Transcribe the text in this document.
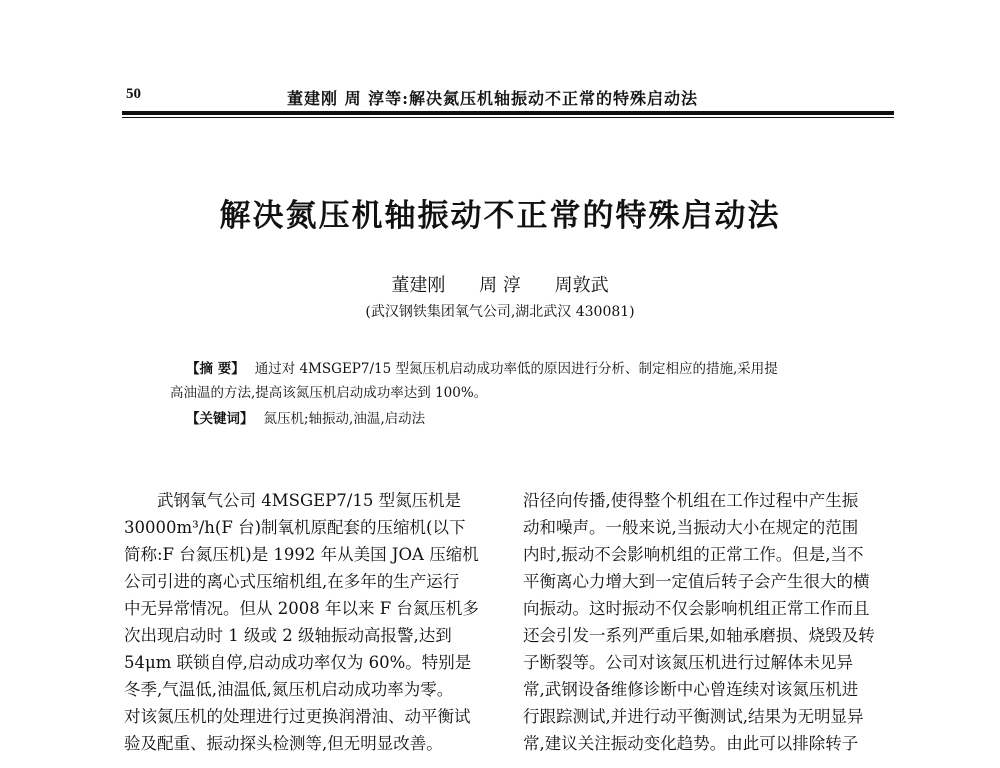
50	董建刚 周 淳等:解决氮压机轴振动不正常的特殊启动法
解决氮压机轴振动不正常的特殊启动法
董建刚 周 淳 周敦武
(武汉钢铁集团氧气公司,湖北武汉 430081)
【摘 要】 通过对 4MSGEP7/15 型氮压机启动成功率低的原因进行分析、制定相应的措施,采用提
高油温的方法,提高该氮压机启动成功率达到 100%。
【关键词】 氮压机;轴振动,油温,启动法
武钢氧气公司 4MSGEP7/15 型氮压机是
30000m³/h(F 台)制氧机原配套的压缩机(以下
简称:F 台氮压机)是 1992 年从美国 JOA 压缩机
公司引进的离心式压缩机组,在多年的生产运行
中无异常情况。但从 2008 年以来 F 台氮压机多
次出现启动时 1 级或 2 级轴振动高报警,达到
54μm 联锁自停,启动成功率仅为 60%。特别是
冬季,气温低,油温低,氮压机启动成功率为零。
对该氮压机的处理进行过更换润滑油、动平衡试
验及配重、振动探头检测等,但无明显改善。
沿径向传播,使得整个机组在工作过程中产生振
动和噪声。一般来说,当振动大小在规定的范围
内时,振动不会影响机组的正常工作。但是,当不
平衡离心力增大到一定值后转子会产生很大的横
向振动。这时振动不仅会影响机组正常工作而且
还会引发一系列严重后果,如轴承磨损、烧毁及转
子断裂等。公司对该氮压机进行过解体未见异
常,武钢设备维修诊断中心曾连续对该氮压机进
行跟踪测试,并进行动平衡测试,结果为无明显异
常,建议关注振动变化趋势。由此可以排除转子
